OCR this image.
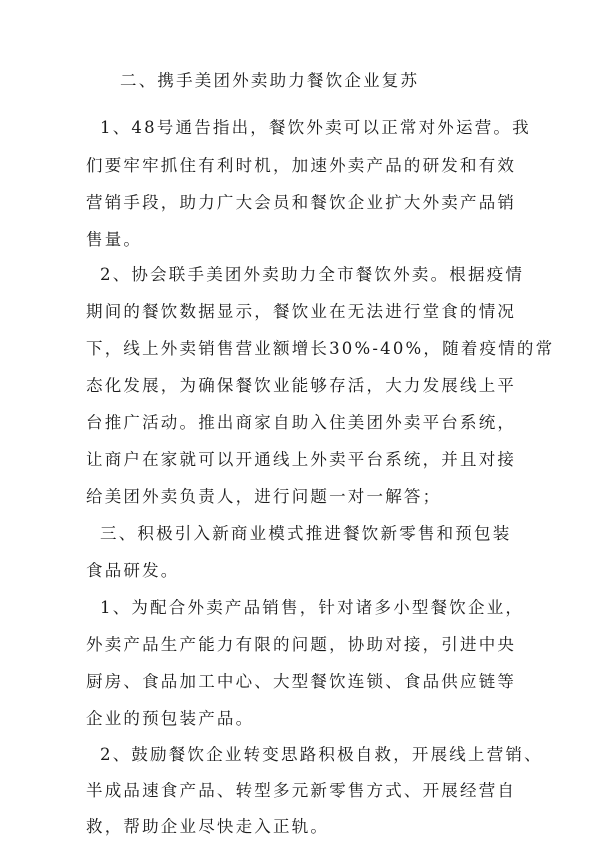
二、携手美团外卖助力餐饮企业复苏
1、48号通告指出，餐饮外卖可以正常对外运营。我
们要牢牢抓住有利时机，加速外卖产品的研发和有效
营销手段，助力广大会员和餐饮企业扩大外卖产品销
售量。
2、协会联手美团外卖助力全市餐饮外卖。根据疫情
期间的餐饮数据显示，餐饮业在无法进行堂食的情况
下，线上外卖销售营业额增长30%-40%，随着疫情的常
态化发展，为确保餐饮业能够存活，大力发展线上平
台推广活动。推出商家自助入住美团外卖平台系统，
让商户在家就可以开通线上外卖平台系统，并且对接
给美团外卖负责人，进行问题一对一解答；
三、积极引入新商业模式推进餐饮新零售和预包装
食品研发。
1、为配合外卖产品销售，针对诸多小型餐饮企业，
外卖产品生产能力有限的问题，协助对接，引进中央
厨房、食品加工中心、大型餐饮连锁、食品供应链等
企业的预包装产品。
2、鼓励餐饮企业转变思路积极自救，开展线上营销、
半成品速食产品、转型多元新零售方式、开展经营自
救，帮助企业尽快走入正轨。
